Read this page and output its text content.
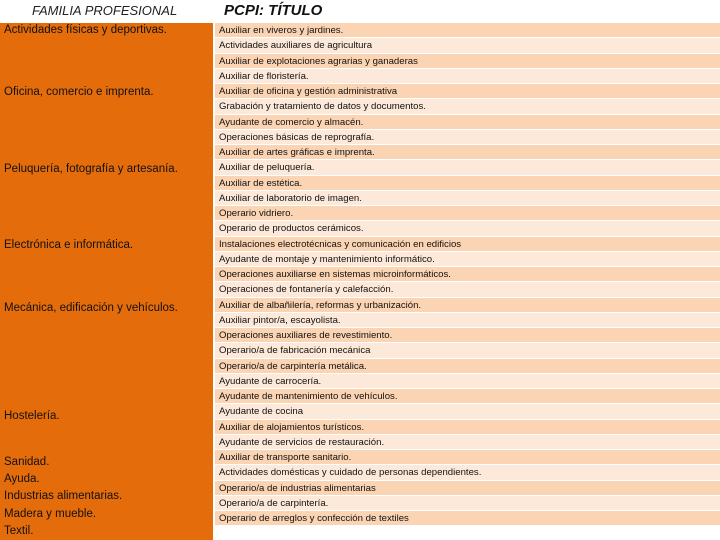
FAMILIA PROFESIONAL	PCPI: TÍTULO
Actividades físicas y deportivas.
Oficina, comercio e imprenta.
Peluquería, fotografía y artesanía.
Electrónica e informática.
Mecánica, edificación y vehículos.
Hostelería.
Sanidad.
Ayuda.
Industrias alimentarias.
Madera y mueble.
Textil.
Auxiliar en viveros y jardines.
Actividades auxiliares de agricultura
Auxiliar de explotaciones agrarias y ganaderas
Auxiliar de floristería.
Auxiliar de oficina y gestión administrativa
Grabación y tratamiento de datos y documentos.
Ayudante de comercio y almacén.
Operaciones básicas de reprografía.
Auxiliar de artes gráficas e imprenta.
Auxiliar de peluquería.
Auxiliar de estética.
Auxiliar de laboratorio de imagen.
Operario vidriero.
Operario de productos cerámicos.
Instalaciones electrotécnicas y comunicación en edificios
Ayudante de montaje y mantenimiento informático.
Operaciones auxiliarse en sistemas microinformáticos.
Operaciones de fontanería y calefacción.
Auxiliar de albañilería, reformas y urbanización.
Auxiliar pintor/a, escayolista.
Operaciones auxiliares de revestimiento.
Operario/a de fabricación mecánica
Operario/a de carpintería metálica.
Ayudante de carrocería.
Ayudante de mantenimiento de vehículos.
Ayudante de cocina
Auxiliar de alojamientos turísticos.
Ayudante de servicios de restauración.
Auxiliar de transporte sanitario.
Actividades domésticas y cuidado de personas dependientes.
Operario/a de industrias alimentarias
Operario/a de carpintería.
Operario de arreglos y confección de textiles
